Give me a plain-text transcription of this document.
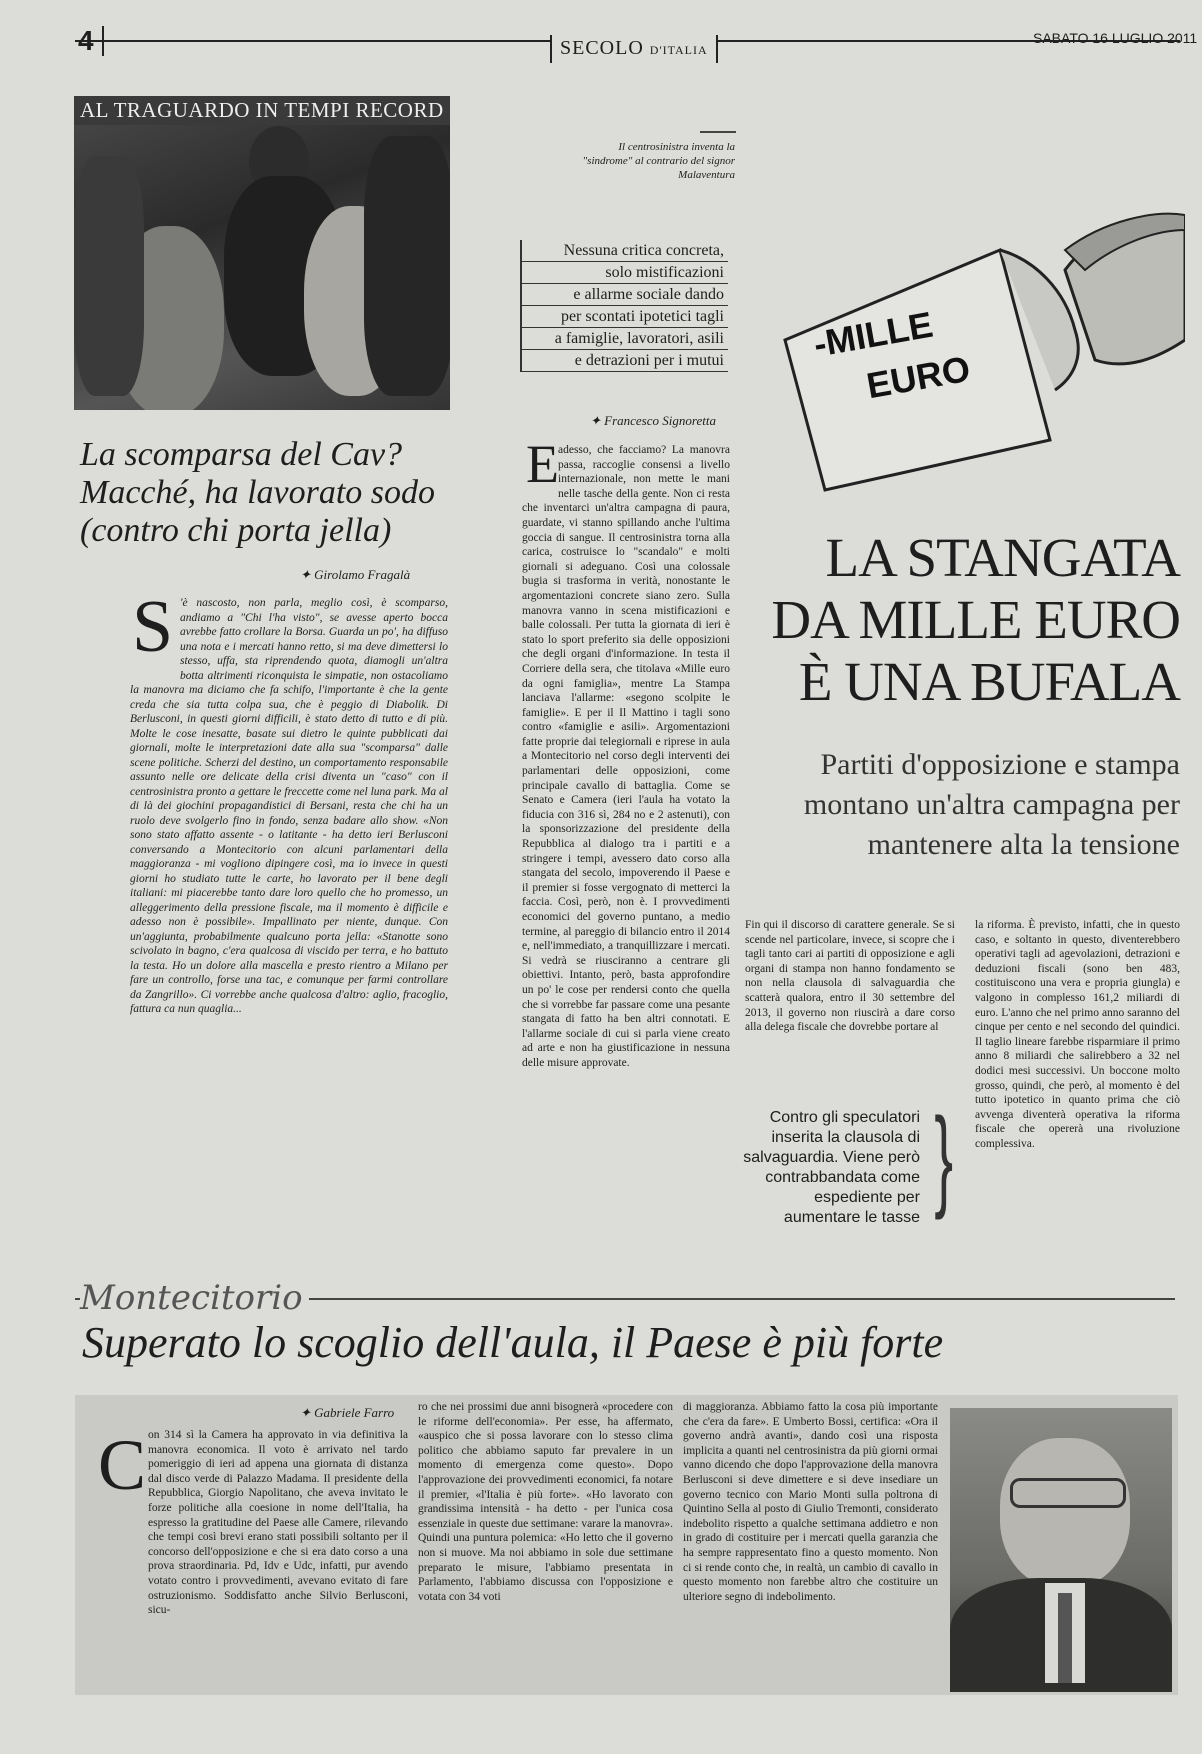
4	SECOLO D'ITALIA
SABATO 16 LUGLIO 2011
AL TRAGUARDO IN TEMPI RECORD
La scomparsa del Cav? Macché, ha lavorato sodo (contro chi porta jella)
✦ Girolamo Fragalà
S 'è nascosto, non parla, meglio così, è scomparso, andiamo a "Chi l'ha visto", se avesse aperto bocca avrebbe fatto crollare la Borsa. Guarda un po', ha diffuso una nota e i mercati hanno retto, si ma deve dimettersi lo stesso, uffa, sta riprendendo quota, diamogli un'altra botta altrimenti riconquista le simpatie, non ostacoliamo la manovra ma diciamo che fa schifo, l'importante è che la gente creda che sia tutta colpa sua, che è peggio di Diabolik. Di Berlusconi, in questi giorni difficili, è stato detto di tutto e di più. Molte le cose inesatte, basate sui dietro le quinte pubblicati dai giornali, molte le interpretazioni date alla sua "scomparsa" dalle scene politiche. Scherzi del destino, un comportamento responsabile assunto nelle ore delicate della crisi diventa un "caso" con il centrosinistra pronto a gettare le freccette come nel luna park. Ma al di là dei giochini propagandistici di Bersani, resta che chi ha un ruolo deve svolgerlo fino in fondo, senza badare allo show. «Non sono stato affatto assente - o latitante - ha detto ieri Berlusconi conversando a Montecitorio con alcuni parlamentari della maggioranza - mi vogliono dipingere così, ma io invece in questi giorni ho studiato tutte le carte, ho lavorato per il bene degli italiani: mi piacerebbe tanto dare loro quello che ho promesso, un alleggerimento della pressione fiscale, ma il momento è difficile e adesso non è possibile». Impallinato per niente, dunque. Con un'aggiunta, probabilmente qualcuno porta jella: «Stanotte sono scivolato in bagno, c'era qualcosa di viscido per terra, e ho battuto la testa. Ho un dolore alla mascella e presto rientro a Milano per fare un controllo, forse una tac, e comunque per farmi controllare da Zangrillo». Ci vorrebbe anche qualcosa d'altro: aglio, fracoglio, fattura ca nun quaglia...
Il centrosinistra inventa la "sindrome" al contrario del signor Malaventura
Nessuna critica concreta,
solo mistificazioni
e allarme sociale dando
per scontati ipotetici tagli
a famiglie, lavoratori, asili
e detrazioni per i mutui
✦ Francesco Signoretta
E adesso, che facciamo? La manovra passa, raccoglie consensi a livello internazionale, non mette le mani nelle tasche della gente. Non ci resta che inventarci un'altra campagna di paura, guardate, vi stanno spillando anche l'ultima goccia di sangue. Il centrosinistra torna alla carica, costruisce lo "scandalo" e molti giornali si adeguano. Così una colossale bugia si trasforma in verità, nonostante le argomentazioni concrete siano zero. Sulla manovra vanno in scena mistificazioni e balle colossali. Per tutta la giornata di ieri è stato lo sport preferito sia delle opposizioni che degli organi d'informazione. In testa il Corriere della sera, che titolava «Mille euro da ogni famiglia», mentre La Stampa lanciava l'allarme: «segono scolpite le famiglie». E per il Il Mattino i tagli sono contro «famiglie e asili». Argomentazioni fatte proprie dai telegiornali e riprese in aula a Montecitorio nel corso degli interventi dei parlamentari delle opposizioni, come principale cavallo di battaglia. Come se Senato e Camera (ieri l'aula ha votato la fiducia con 316 sì, 284 no e 2 astenuti), con la sponsorizzazione del presidente della Repubblica al dialogo tra i partiti e a stringere i tempi, avessero dato corso alla stangata del secolo, impoverendo il Paese e il premier si fosse vergognato di metterci la faccia. Così, però, non è. I provvedimenti economici del governo puntano, a medio termine, al pareggio di bilancio entro il 2014 e, nell'immediato, a tranquillizzare i mercati. Si vedrà se riusciranno a centrare gli obiettivi. Intanto, però, basta approfondire un po' le cose per rendersi conto che quella che si vorrebbe far passare come una pesante stangata di fatto ha ben altri connotati. E l'allarme sociale di cui si parla viene creato ad arte e non ha giustificazione in nessuna delle misure approvate.
-MILLE
EURO
LA STANGATA
DA MILLE EURO
È UNA BUFALA
Partiti d'opposizione e stampa montano un'altra campagna per mantenere alta la tensione
Fin qui il discorso di carattere generale. Se si scende nel particolare, invece, si scopre che i tagli tanto cari ai partiti di opposizione e agli organi di stampa non hanno fondamento se non nella clausola di salvaguardia che scatterà qualora, entro il 30 settembre del 2013, il governo non riuscirà a dare corso alla delega fiscale che dovrebbe portare al
la riforma. È previsto, infatti, che in questo caso, e soltanto in questo, diventerebbero operativi tagli ad agevolazioni, detrazioni e deduzioni fiscali (sono ben 483, costituiscono una vera e propria giungla) e valgono in complesso 161,2 miliardi di euro. L'anno che nel primo anno saranno del cinque per cento e nel secondo del quindici. Il taglio lineare farebbe risparmiare il primo anno 8 miliardi che salirebbero a 32 nel dodici mesi successivi. Un boccone molto grosso, quindi, che però, al momento è del tutto ipotetico in quanto prima che ciò avvenga diventerà operativa la riforma fiscale che opererà una rivoluzione complessiva.
Contro gli speculatori inserita la clausola di salvaguardia. Viene però contrabbandata come espediente per aumentare le tasse }
Montecitorio
Superato lo scoglio dell'aula, il Paese è più forte
✦ Gabriele Farro
C on 314 sì la Camera ha approvato in via definitiva la manovra economica. Il voto è arrivato nel tardo pomeriggio di ieri ad appena una giornata di distanza dal disco verde di Palazzo Madama. Il presidente della Repubblica, Giorgio Napolitano, che aveva invitato le forze politiche alla coesione in nome dell'Italia, ha espresso la gratitudine del Paese alle Camere, rilevando che tempi così brevi erano stati possibili soltanto per il concorso dell'opposizione e che si era dato corso a una prova straordinaria. Pd, Idv e Udc, infatti, pur avendo votato contro i provvedimenti, avevano evitato di fare ostruzionismo. Soddisfatto anche Silvio Berlusconi, sicu-
ro che nei prossimi due anni bisognerà «procedere con le riforme dell'economia». Per esse, ha affermato, «auspico che si possa lavorare con lo stesso clima politico che abbiamo saputo far prevalere in un momento di emergenza come questo». Dopo l'approvazione dei provvedimenti economici, fa notare il premier, «l'Italia è più forte». «Ho lavorato con grandissima intensità - ha detto - per l'unica cosa essenziale in queste due settimane: varare la manovra». Quindi una puntura polemica: «Ho letto che il governo non si muove. Ma noi abbiamo in sole due settimane preparato le misure, l'abbiamo presentata in Parlamento, l'abbiamo discussa con l'opposizione e votata con 34 voti
di maggioranza. Abbiamo fatto la cosa più importante che c'era da fare». E Umberto Bossi, certifica: «Ora il governo andrà avanti», dando così una risposta implicita a quanti nel centrosinistra da più giorni ormai vanno dicendo che dopo l'approvazione della manovra Berlusconi si deve dimettere e si deve insediare un governo tecnico con Mario Monti sulla poltrona di Quintino Sella al posto di Giulio Tremonti, considerato indebolito rispetto a qualche settimana addietro e non in grado di costituire per i mercati quella garanzia che ha sempre rappresentato fino a questo momento. Non ci si rende conto che, in realtà, un cambio di cavallo in questo momento non farebbe altro che costituire un ulteriore segno di indebolimento.
